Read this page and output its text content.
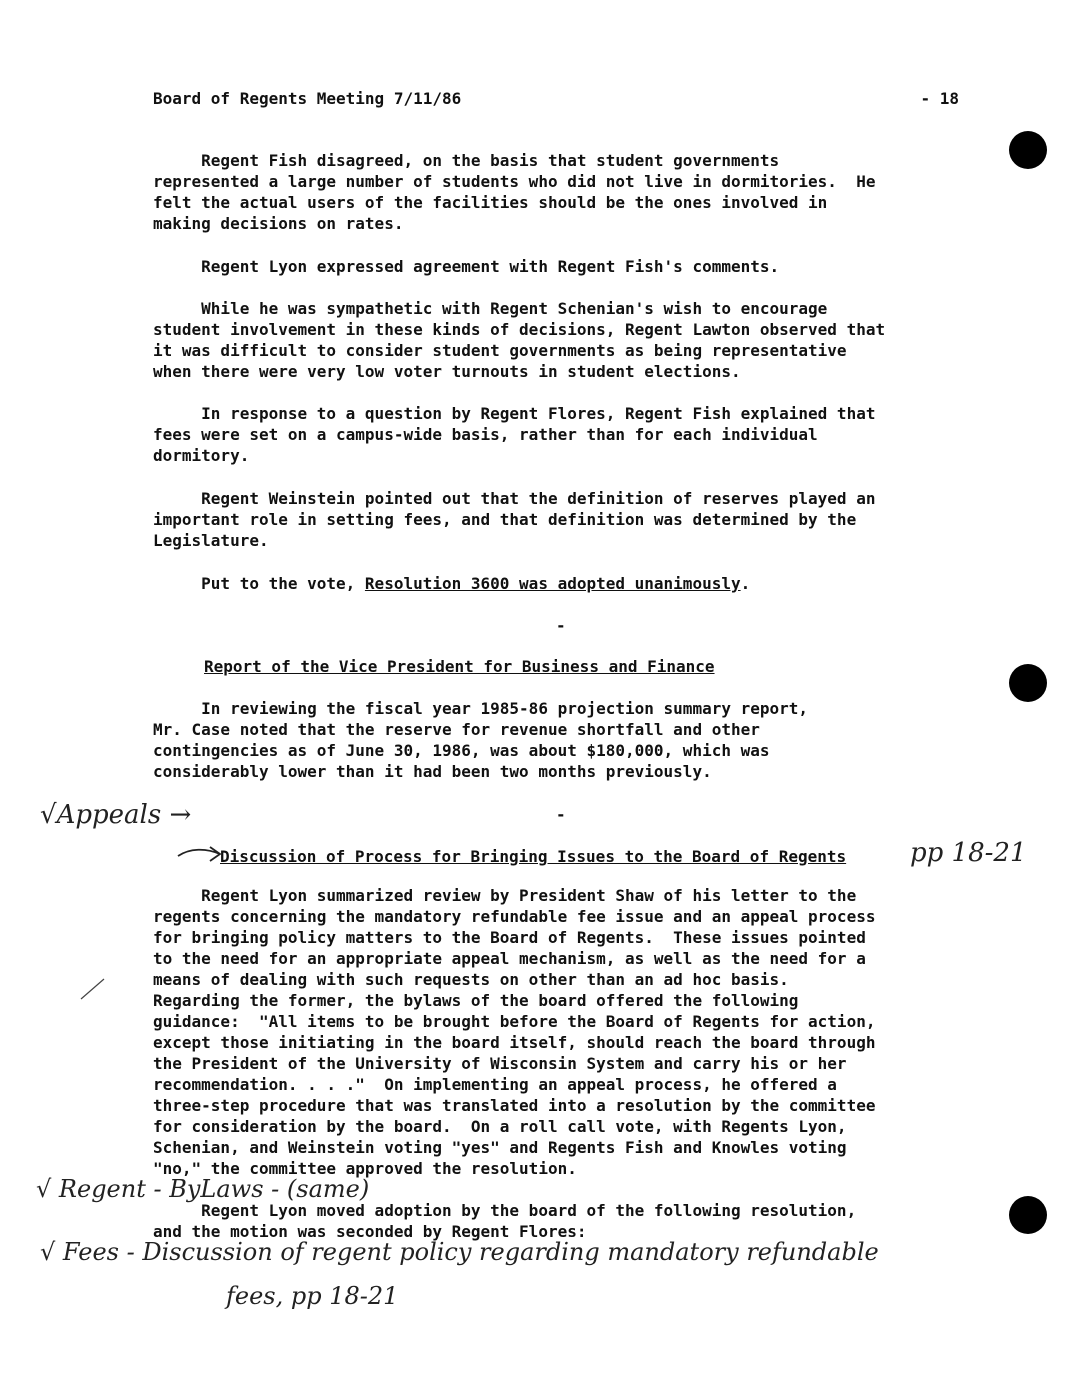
Board of Regents Meeting 7/11/86	- 18
Regent Fish disagreed, on the basis that student governments
represented a large number of students who did not live in dormitories.  He
felt the actual users of the facilities should be the ones involved in
making decisions on rates.
Regent Lyon expressed agreement with Regent Fish's comments.
While he was sympathetic with Regent Schenian's wish to encourage
student involvement in these kinds of decisions, Regent Lawton observed that
it was difficult to consider student governments as being representative
when there were very low voter turnouts in student elections.
In response to a question by Regent Flores, Regent Fish explained that
fees were set on a campus-wide basis, rather than for each individual
dormitory.
Regent Weinstein pointed out that the definition of reserves played an
important role in setting fees, and that definition was determined by the
Legislature.
Put to the vote, Resolution 3600 was adopted unanimously.
-
Report of the Vice President for Business and Finance
In reviewing the fiscal year 1985-86 projection summary report,
Mr. Case noted that the reserve for revenue shortfall and other
contingencies as of June 30, 1986, was about $180,000, which was
considerably lower than it had been two months previously.
-
Discussion of Process for Bringing Issues to the Board of Regents
Regent Lyon summarized review by President Shaw of his letter to the
regents concerning the mandatory refundable fee issue and an appeal process
for bringing policy matters to the Board of Regents.  These issues pointed
to the need for an appropriate appeal mechanism, as well as the need for a
means of dealing with such requests on other than an ad hoc basis.
Regarding the former, the bylaws of the board offered the following
guidance:  "All items to be brought before the Board of Regents for action,
except those initiating in the board itself, should reach the board through
the President of the University of Wisconsin System and carry his or her
recommendation. . . ."  On implementing an appeal process, he offered a
three-step procedure that was translated into a resolution by the committee
for consideration by the board.  On a roll call vote, with Regents Lyon,
Schenian, and Weinstein voting "yes" and Regents Fish and Knowles voting
"no," the committee approved the resolution.
Regent Lyon moved adoption by the board of the following resolution,
and the motion was seconded by Regent Flores:
√Appeals →
pp 18-21
√ Regent - ByLaws - (same)
√ Fees - Discussion of regent policy regarding mandatory refundable
fees, pp 18-21
